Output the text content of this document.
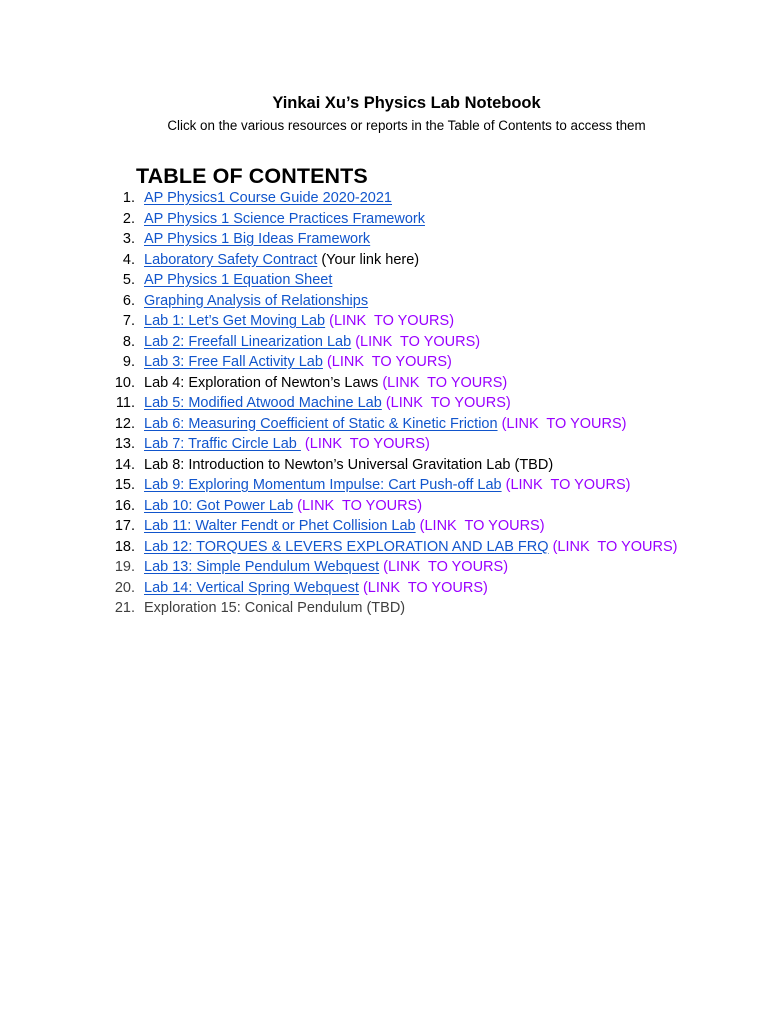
Yinkai Xu’s Physics Lab Notebook
Click on the various resources or reports in the Table of Contents to access them
TABLE OF CONTENTS
1. AP Physics1 Course Guide 2020-2021
2. AP Physics 1 Science Practices Framework
3. AP Physics 1 Big Ideas Framework
4. Laboratory Safety Contract (Your link here)
5. AP Physics 1 Equation Sheet
6. Graphing Analysis of Relationships
7. Lab 1: Let’s Get Moving Lab (LINK  TO YOURS)
8. Lab 2: Freefall Linearization Lab (LINK  TO YOURS)
9. Lab 3: Free Fall Activity Lab (LINK  TO YOURS)
10. Lab 4: Exploration of Newton’s Laws (LINK  TO YOURS)
11. Lab 5: Modified Atwood Machine Lab (LINK  TO YOURS)
12. Lab 6: Measuring Coefficient of Static & Kinetic Friction (LINK  TO YOURS)
13. Lab 7: Traffic Circle Lab  (LINK  TO YOURS)
14. Lab 8: Introduction to Newton’s Universal Gravitation Lab (TBD)
15. Lab 9: Exploring Momentum Impulse: Cart Push-off Lab (LINK  TO YOURS)
16. Lab 10: Got Power Lab (LINK  TO YOURS)
17. Lab 11: Walter Fendt or Phet Collision Lab (LINK  TO YOURS)
18. Lab 12: TORQUES & LEVERS EXPLORATION AND LAB FRQ (LINK  TO YOURS)
19. Lab 13: Simple Pendulum Webquest (LINK  TO YOURS)
20. Lab 14: Vertical Spring Webquest (LINK  TO YOURS)
21. Exploration 15: Conical Pendulum (TBD)
